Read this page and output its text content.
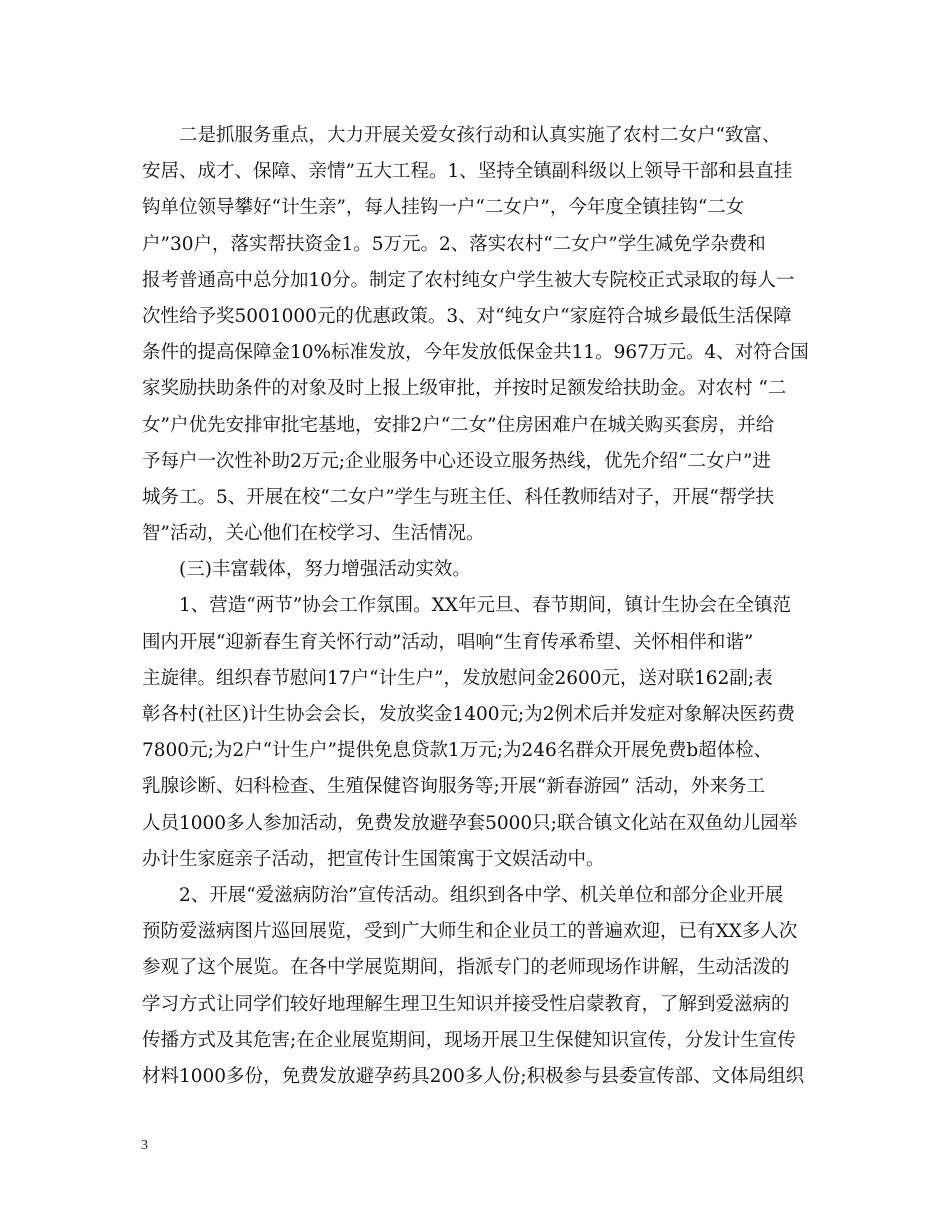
　　二是抓服务重点，大力开展关爱女孩行动和认真实施了农村二女户“致富、
安居、成才、保障、亲情”五大工程。1、坚持全镇副科级以上领导干部和县直挂
钩单位领导攀好“计生亲”，每人挂钩一户“二女户”，今年度全镇挂钩“二女
户”30户，落实帮扶资金1。5万元。2、落实农村“二女户”学生减免学杂费和
报考普通高中总分加10分。制定了农村纯女户学生被大专院校正式录取的每人一
次性给予奖5001000元的优惠政策。3、对“纯女户“家庭符合城乡最低生活保障
条件的提高保障金10%标准发放，今年发放低保金共11。967万元。4、对符合国
家奖励扶助条件的对象及时上报上级审批，并按时足额发给扶助金。对农村 “二
女”户优先安排审批宅基地，安排2户“二女”住房困难户在城关购买套房，并给
予每户一次性补助2万元;企业服务中心还设立服务热线，优先介绍“二女户”进
城务工。5、开展在校“二女户”学生与班主任、科任教师结对子，开展“帮学扶
智”活动，关心他们在校学习、生活情况。
　　(三)丰富载体，努力增强活动实效。
　　1、营造“两节”协会工作氛围。XX年元旦、春节期间，镇计生协会在全镇范
围内开展“迎新春生育关怀行动”活动，唱响“生育传承希望、关怀相伴和谐”
主旋律。组织春节慰问17户“计生户”，发放慰问金2600元，送对联162副;表
彰各村(社区)计生协会会长，发放奖金1400元;为2例术后并发症对象解决医药费
7800元;为2户“计生户”提供免息贷款1万元;为246名群众开展免费b超体检、
乳腺诊断、妇科检查、生殖保健咨询服务等;开展“新春游园” 活动，外来务工
人员1000多人参加活动，免费发放避孕套5000只;联合镇文化站在双鱼幼儿园举
办计生家庭亲子活动，把宣传计生国策寓于文娱活动中。
　　2、开展“爱滋病防治”宣传活动。组织到各中学、机关单位和部分企业开展
预防爱滋病图片巡回展览，受到广大师生和企业员工的普遍欢迎，已有XX多人次
参观了这个展览。在各中学展览期间，指派专门的老师现场作讲解，生动活泼的
学习方式让同学们较好地理解生理卫生知识并接受性启蒙教育，了解到爱滋病的
传播方式及其危害;在企业展览期间，现场开展卫生保健知识宣传，分发计生宣传
材料1000多份，免费发放避孕药具200多人份;积极参与县委宣传部、文体局组织
3
